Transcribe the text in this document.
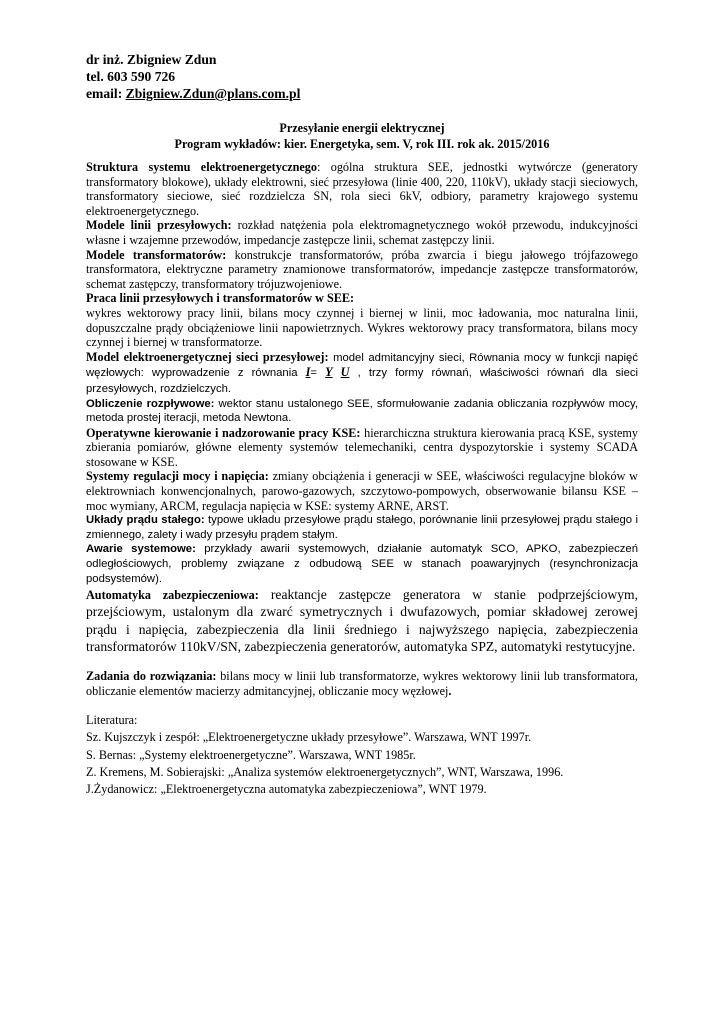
dr inż. Zbigniew Zdun
tel. 603 590 726
email: Zbigniew.Zdun@plans.com.pl
Przesyłanie energii elektrycznej
Program wykładów: kier. Energetyka, sem. V, rok III. rok ak. 2015/2016

Struktura systemu elektroenergetycznego: ogólna struktura SEE, jednostki wytwórcze (generatory transformatory blokowe), układy elektrowni, sieć przesyłowa (linie 400, 220, 110kV), układy stacji sieciowych, transformatory sieciowe, sieć rozdzielcza SN, rola sieci 6kV, odbiory, parametry krajowego systemu elektroenergetycznego.

Modele linii przesyłowych: rozkład natężenia pola elektromagnetycznego wokół przewodu, indukcyjności własne i wzajemne przewodów, impedancje zastępcze linii, schemat zastępczy linii.

Modele transformatorów: konstrukcje transformatorów, próba zwarcia i biegu jałowego trójfazowego transformatora, elektryczne parametry znamionowe transformatorów, impedancje zastępcze transformatorów, schemat zastępczy, transformatory trójuzwojeniowe.

Praca linii przesyłowych i transformatorów w SEE:
wykres wektorowy pracy linii, bilans mocy czynnej i biernej w linii, moc ładowania, moc naturalna linii, dopuszczalne prądy obciążeniowe linii napowietrznych. Wykres wektorowy pracy transformatora, bilans mocy czynnej i biernej w transformatorze.

Model elektroenergetycznej sieci przesyłowej: model admitancyjny sieci, Równania mocy w funkcji napięć węzłowych: wyprowadzenie z równania I= Y U , trzy formy równań, właściwości równań dla sieci przesyłowych, rozdzielczych.

Obliczenie rozpływowe: wektor stanu ustalonego SEE, sformułowanie zadania obliczania rozpływów mocy, metoda prostej iteracji, metoda Newtona.

Operatywne kierowanie i nadzorowanie pracy KSE: hierarchiczna struktura kierowania pracą KSE, systemy zbierania pomiarów, główne elementy systemów telemechaniki, centra dyspozytorskie i systemy SCADA stosowane w KSE.

Systemy regulacji mocy i napięcia: zmiany obciążenia i generacji w SEE, właściwości regulacyjne bloków w elektrowniach konwencjonalnych, parowo-gazowych, szczytowo-pompowych, obserwowanie bilansu KSE – moc wymiany, ARCM, regulacja napięcia w KSE: systemy ARNE, ARST.

Układy prądu stałego: typowe układu przesyłowe prądu stałego, porównanie linii przesyłowej prądu stałego i zmiennego, zalety i wady przesyłu prądem stałym.

Awarie systemowe: przykłady awarii systemowych, działanie automatyk SCO, APKO, zabezpieczeń odległościowych, problemy związane z odbudową SEE w stanach poawaryjnych (resynchronizacja podsystemów).

Automatyka zabezpieczeniowa: reaktancje zastępcze generatora w stanie podprzejściowym, przejściowym, ustalonym dla zwarć symetrycznych i dwufazowych, pomiar składowej zerowej prądu i napięcia, zabezpieczenia dla linii średniego i najwyższego napięcia, zabezpieczenia transformatorów 110kV/SN, zabezpieczenia generatorów, automatyka SPZ, automatyki restytucyjne.

Zadania do rozwiązania: bilans mocy w linii lub transformatorze, wykres wektorowy linii lub transformatora, obliczanie elementów macierzy admitancyjnej, obliczanie mocy węzłowej.

Literatura:

Sz. Kujszczyk i zespół: „Elektroenergetyczne układy przesyłowe”. Warszawa, WNT 1997r.

S. Bernas: „Systemy elektroenergetyczne”. Warszawa, WNT 1985r.

Z. Kremens, M. Sobierajski: „Analiza systemów elektroenergetycznych”, WNT, Warszawa, 1996.

J.Żydanowicz: „Elektroenergetyczna automatyka zabezpieczeniowa”, WNT 1979.
